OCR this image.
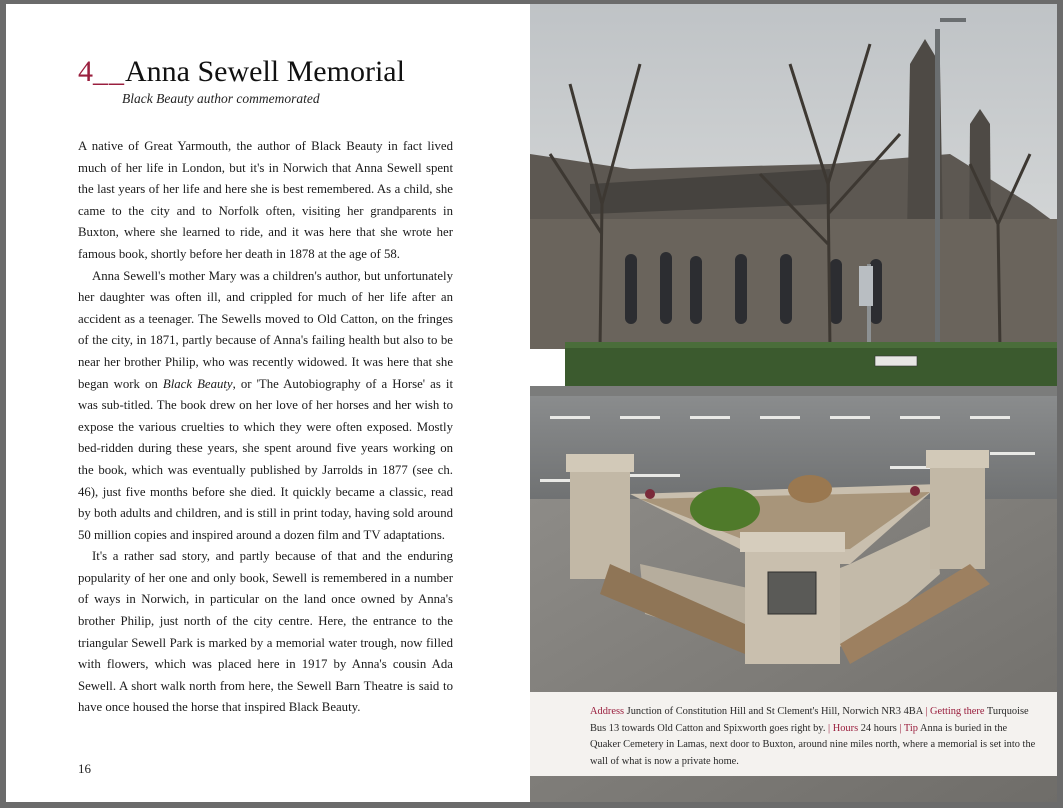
4__Anna Sewell Memorial
Black Beauty author commemorated

A native of Great Yarmouth, the author of Black Beauty in fact lived much of her life in London, but it's in Norwich that Anna Sewell spent the last years of her life and here she is best remembered. As a child, she came to the city and to Norfolk often, visiting her grandparents in Buxton, where she learned to ride, and it was here that she wrote her famous book, shortly before her death in 1878 at the age of 58.

Anna Sewell's mother Mary was a children's author, but unfortunately her daughter was often ill, and crippled for much of her life after an accident as a teenager. The Sewells moved to Old Catton, on the fringes of the city, in 1871, partly because of Anna's failing health but also to be near her brother Philip, who was recently widowed. It was here that she began work on Black Beauty, or 'The Autobiography of a Horse' as it was sub-titled. The book drew on her love of her horses and her wish to expose the various cruelties to which they were often exposed. Mostly bed-ridden during these years, she spent around five years working on the book, which was eventually published by Jarrolds in 1877 (see ch. 46), just five months before she died. It quickly became a classic, read by both adults and children, and is still in print today, having sold around 50 million copies and inspired around a dozen film and TV adaptations.

It's a rather sad story, and partly because of that and the enduring popularity of her one and only book, Sewell is remembered in a number of ways in Norwich, in particular on the land once owned by Anna's brother Philip, just north of the city centre. Here, the entrance to the triangular Sewell Park is marked by a memorial water trough, now filled with flowers, which was placed here in 1917 by Anna's cousin Ada Sewell. A short walk north from here, the Sewell Barn Theatre is said to have once housed the horse that inspired Black Beauty.

16
Address Junction of Constitution Hill and St Clement's Hill, Norwich NR3 4BA | Getting there Turquoise Bus 13 towards Old Catton and Spixworth goes right by. | Hours 24 hours | Tip Anna is buried in the Quaker Cemetery in Lamas, next door to Buxton, around nine miles north, where a memorial is set into the wall of what is now a private home.
